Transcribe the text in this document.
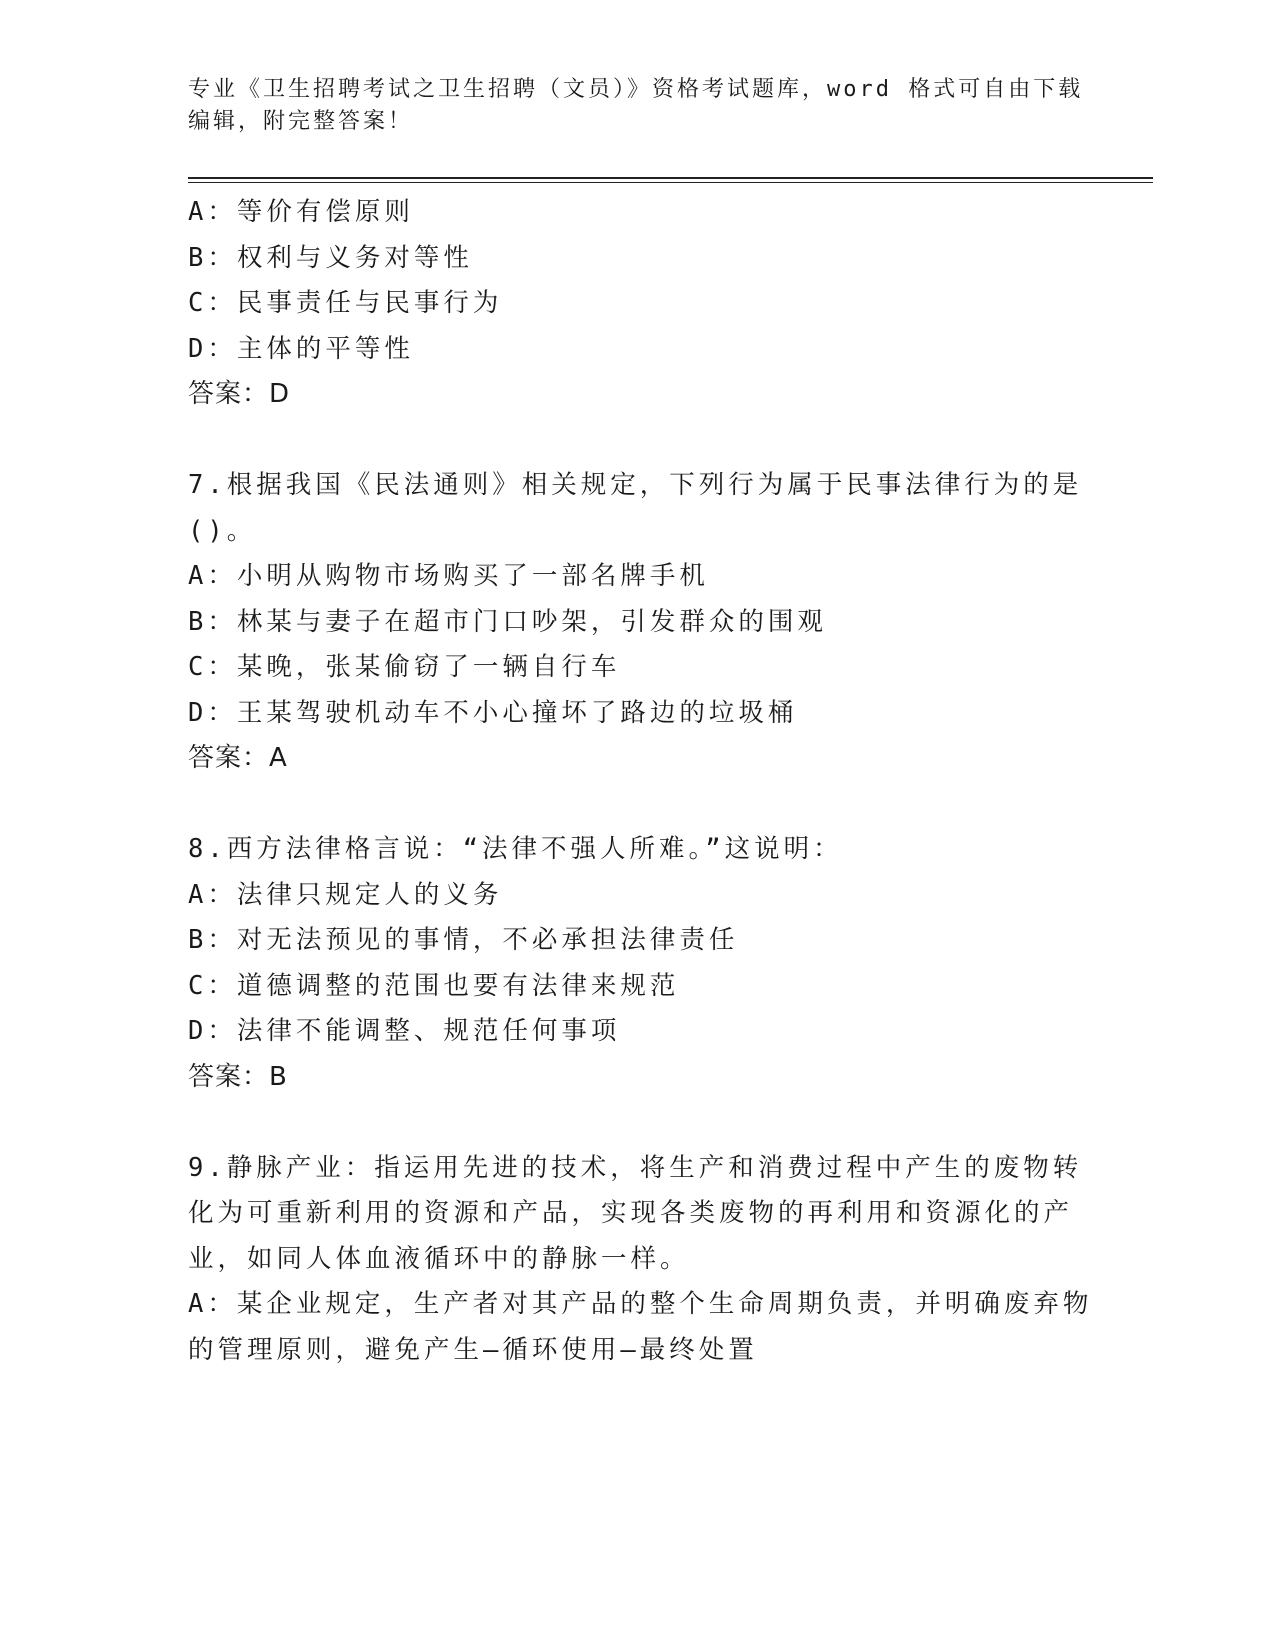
专业《卫生招聘考试之卫生招聘（文员）》资格考试题库，word 格式可自由下载
编辑，附完整答案！
A：等价有偿原则
B：权利与义务对等性
C：民事责任与民事行为
D：主体的平等性
答案：D
7.根据我国《民法通则》相关规定，下列行为属于民事法律行为的是
()。
A：小明从购物市场购买了一部名牌手机
B：林某与妻子在超市门口吵架，引发群众的围观
C：某晚，张某偷窃了一辆自行车
D：王某驾驶机动车不小心撞坏了路边的垃圾桶
答案：A
8.西方法律格言说：“法律不强人所难。”这说明：
A：法律只规定人的义务
B：对无法预见的事情，不必承担法律责任
C：道德调整的范围也要有法律来规范
D：法律不能调整、规范任何事项
答案：B
9.静脉产业：指运用先进的技术，将生产和消费过程中产生的废物转
化为可重新利用的资源和产品，实现各类废物的再利用和资源化的产
业，如同人体血液循环中的静脉一样。
A：某企业规定，生产者对其产品的整个生命周期负责，并明确废弃物
的管理原则，避免产生—循环使用—最终处置
